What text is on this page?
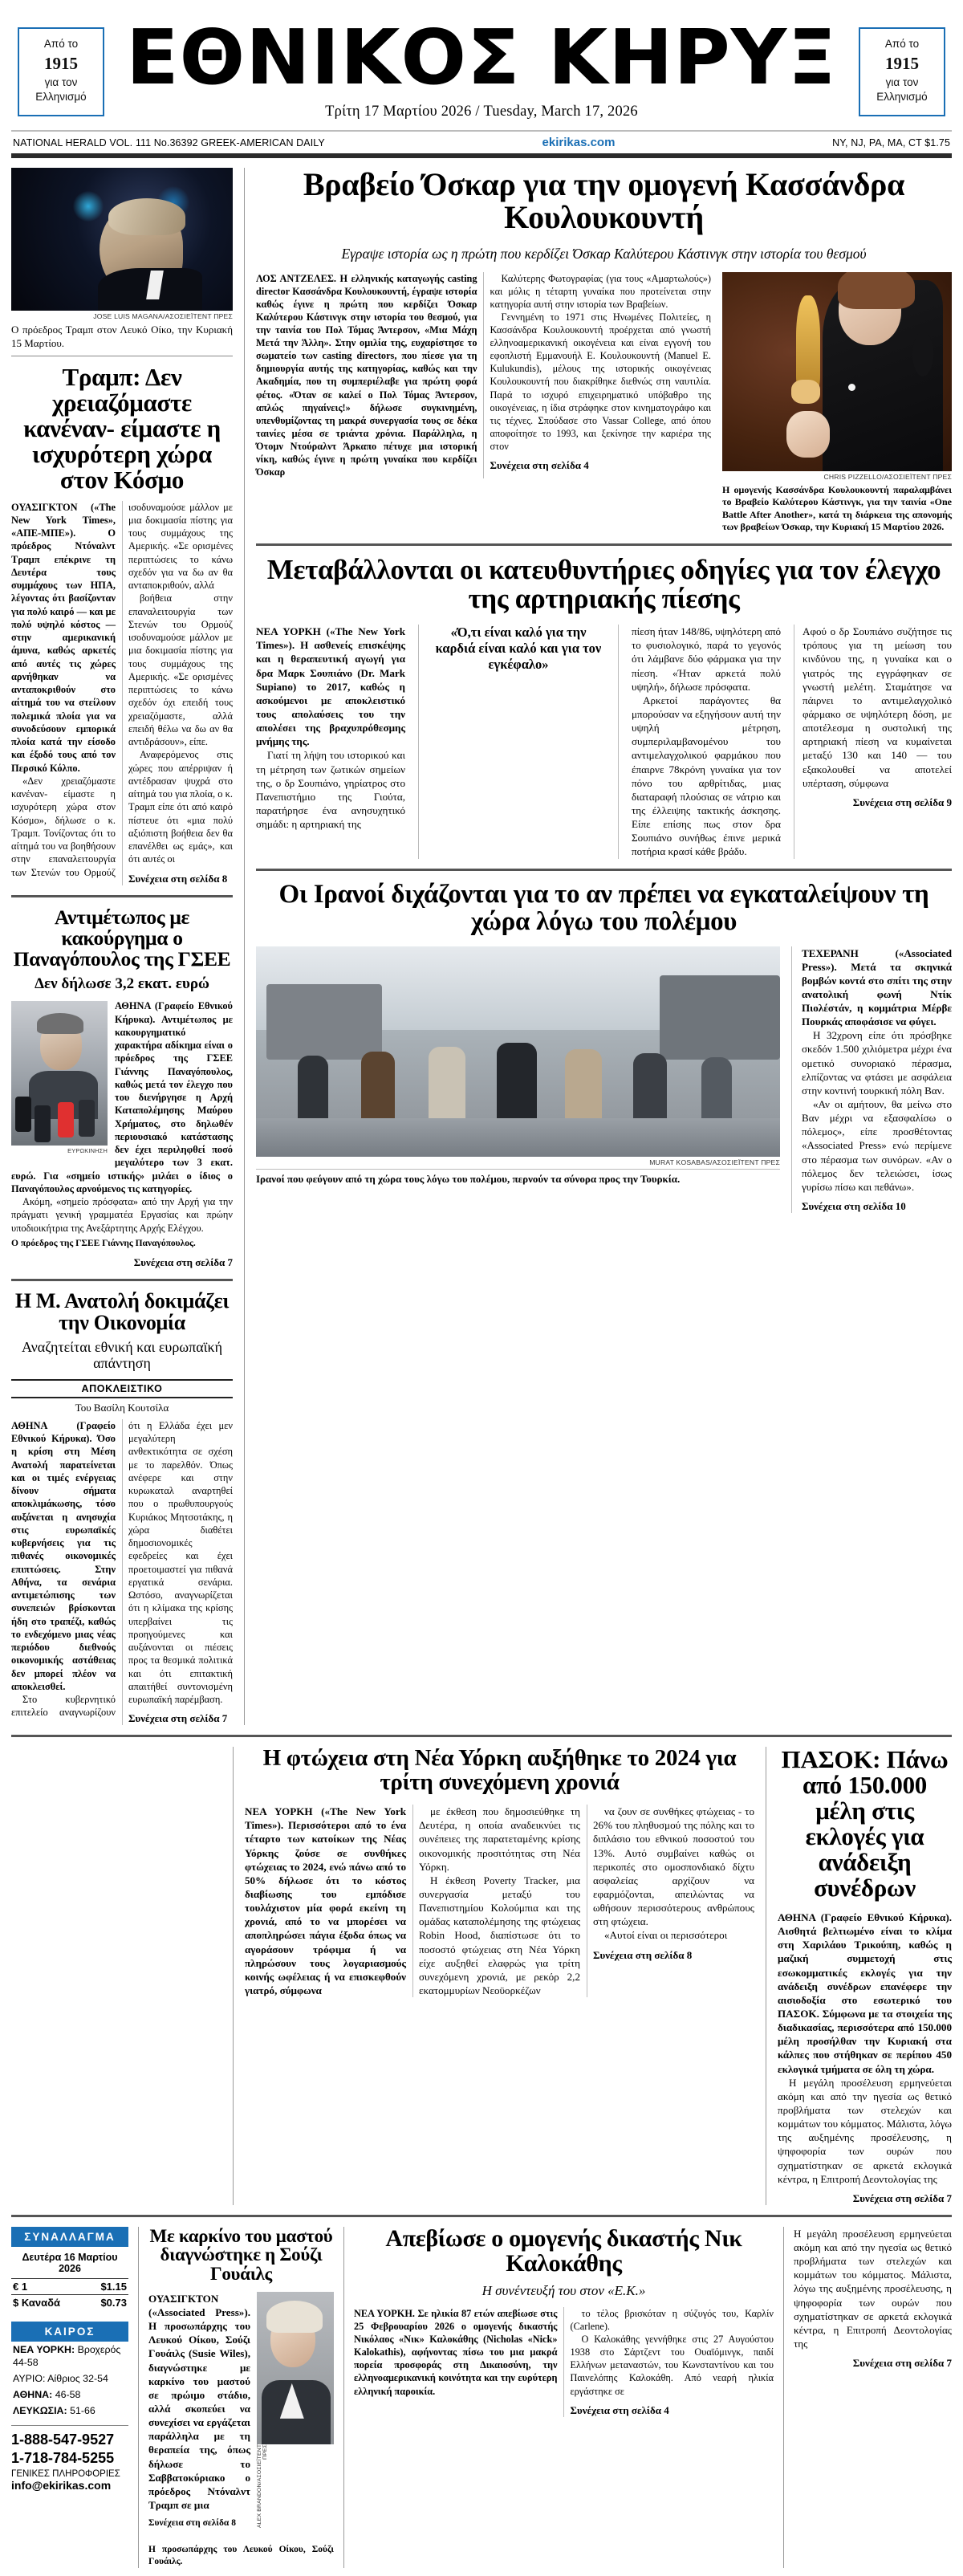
Από το
1915
για τον
Ελληνισμό ΕΘΝΙΚΟΣ ΚΗΡΥΞ
Τρίτη 17 Μαρτίου 2026 / Tuesday, March 17, 2026
Από το
1915
για τον
Ελληνισμό
NATIONAL HERALD VOL. 111 No.36392 GREEK-AMERICAN DAILY	ekirikas.com	NY, NJ, PA, MA, CT $1.75
JOSE LUIS MAGANA/ΑΣΟΣΙΕΪΤΕΝΤ ΠΡΕΣ
Ο πρόεδρος Τραμπ στον Λευκό Οίκο, την Κυριακή 15 Μαρτίου.
Τραμπ: Δεν χρειαζόμαστε κανέναν- είμαστε η ισχυρότερη χώρα στον Κόσμο

ΟΥΑΣΙΓΚΤΟΝ («The New York Times», «ΑΠΕ-ΜΠΕ»). Ο πρόεδρος Ντόναλντ Τραμπ επέκρινε τη Δευτέρα τους συμμάχους των ΗΠΑ, λέγοντας ότι βασίζονταν για πολύ καιρό — και με πολύ υψηλό κόστος — στην αμερικανική άμυνα, καθώς αρκετές από αυτές τις χώρες αρνήθηκαν να ανταποκριθούν στο αίτημά του να στείλουν πολεμικά πλοία για να συνοδεύσουν εμπορικά πλοία κατά την είσοδο και έξοδό τους από τον Περσικό Κόλπο.

«Δεν χρειαζόμαστε κανέναν- είμαστε η ισχυρότερη χώρα στον Κόσμο», δήλωσε ο κ. Τραμπ. Τονίζοντας ότι το αίτημά του να βοηθήσουν στην επαναλειτουργία των Στενών του Ορμούζ ισοδυναμούσε μάλλον με μια δοκιμασία πίστης για τους συμμάχους της Αμερικής. «Σε ορισμένες περιπτώσεις το κάνω σχεδόν για να δω αν θα ανταποκριθούν, αλλά

βοήθεια στην επαναλειτουργία των Στενών του Ορμούζ ισοδυναμούσε μάλλον με μια δοκιμασία πίστης για τους συμμάχους της Αμερικής. «Σε ορισμένες περιπτώσεις το κάνω σχεδόν όχι επειδή τους χρειαζόμαστε, αλλά επειδή θέλω να δω αν θα αντιδράσουν», είπε.

Αναφερόμενος στις χώρες που απέρριψαν ή αντέδρασαν ψυχρά στο αίτημά του για πλοία, ο κ. Τραμπ είπε ότι από καιρό πίστευε ότι «μια πολύ αξιόπιστη βοήθεια δεν θα επανέλθει ως εμάς», και ότι αυτές οι

Συνέχεια στη σελίδα 8
Αντιμέτωπος με κακούργημα ο Παναγόπουλος της ΓΣΕΕ
Δεν δήλωσε 3,2 εκατ. ευρώ
ΕΥΡΩΚΙΝΗΣΗ

ΑΘΗΝΑ (Γραφείο Εθνικού Κήρυκα). Αντιμέτωπος με κακουργηματικό χαρακτήρα αδίκημα είναι ο πρόεδρος της ΓΣΕΕ Γιάννης Παναγόπουλος, καθώς μετά τον έλεγχο που του διενήργησε η Αρχή Καταπολέμησης Μαύρου Χρήματος, στο δηλωθέν περιουσιακό κατάστασης δεν έχει περιληφθεί ποσό μεγαλύτερο των 3 εκατ. ευρώ. Για «σημείο ιστικής» μιλάει ο ίδιος ο Παναγόπουλος αρνούμενος τις κατηγορίες.

Ακόμη, «σημείο πρόσφατα» από την Αρχή για την πράγματι γενική γραμματέα Εργασίας και πρώην υποδιοικήτρια της Ανεξάρτητης Αρχής Ελέγχου.

Ο πρόεδρος της ΓΣΕΕ Γιάννης Παναγόπουλος.
Συνέχεια στη σελίδα 7
Η Μ. Ανατολή δοκιμάζει την Οικονομία
Αναζητείται εθνική και ευρωπαϊκή απάντηση
ΑΠΟΚΛΕΙΣΤΙΚΟ
Του Βασίλη Κουτσίλα

ΑΘΗΝΑ (Γραφείο Εθνικού Κήρυκα). Όσο η κρίση στη Μέση Ανατολή παρατείνεται και οι τιμές ενέργειας δίνουν σήματα αποκλιμάκωσης, τόσο αυξάνεται η ανησυχία στις ευρωπαϊκές κυβερνήσεις για τις πιθανές οικονομικές επιπτώσεις. Στην Αθήνα, τα σενάρια αντιμετώπισης των συνεπειών βρίσκονται ήδη στο τραπέζι, καθώς το ενδεχόμενο μιας νέας περιόδου διεθνούς οικονομικής αστάθειας δεν μπορεί πλέον να αποκλεισθεί.

Στο κυβερνητικό επιτελείο αναγνωρίζουν ότι η Ελλάδα έχει μεν μεγαλύτερη ανθεκτικότητα σε σχέση με το παρελθόν. Όπως ανέφερε και στην κυρωκαταλ αναρτηθεί που ο πρωθυπουργούς Κυριάκος Μητσοτάκης, η χώρα διαθέτει δημοσιονομικές εφεδρείες και έχει προετοιμαστεί για πιθανά εργατικά σενάρια. Ωστόσο, αναγνωρίζεται ότι η κλίμακα της κρίσης υπερβαίνει τις προηγούμενες και αυξάνονται οι πιέσεις προς τα θεσμικά πολιτικά και ότι επιτακτική απαιτήθεί συντονισμένη ευρωπαϊκή παρέμβαση.

Συνέχεια στη σελίδα 7
Βραβείο Όσκαρ για την ομογενή Κασσάνδρα Κουλουκουντή
Εγραψε ιστορία ως η πρώτη που κερδίζει Όσκαρ Καλύτερου Κάστινγκ στην ιστορία του θεσμού

ΛΟΣ ΑΝΤΖΕΛΕΣ. Η ελληνικής καταγωγής casting director Κασσάνδρα Κουλουκουντή, έγραψε ιστορία καθώς έγινε η πρώτη που κερδίζει Όσκαρ Καλύτερου Κάστινγκ στην ιστορία του θεσμού, για την ταινία του Πολ Τόμας Άντερσον, «Μια Μάχη Μετά την Άλλη». Στην ομιλία της, ευχαρίστησε το σωματείο των casting directors, που πίεσε για τη δημιουργία αυτής της κατηγορίας, καθώς και την Ακαδημία, που τη συμπεριέλαβε για πρώτη φορά φέτος. «Όταν σε καλεί ο Πολ Τόμας Άντερσον, απλώς πηγαίνεις!» δήλωσε συγκινημένη, υπενθυμίζοντας τη μακρά συνεργασία τους σε δέκα ταινίες μέσα σε τριάντα χρόνια. Παράλληλα, η Ότομν Ντούραλντ Άρκαπο πέτυχε μια ιστορική νίκη, καθώς έγινε η πρώτη γυναίκα που κερδίζει Όσκαρ

Καλύτερης Φωτογραφίας (για τους «Αμαρτωλούς») και μόλις η τέταρτη γυναίκα που προτείνεται στην κατηγορία αυτή στην ιστορία των Βραβείων.

Γεννημένη το 1971 στις Ηνωμένες Πολιτείες, η Κασσάνδρα Κουλουκουντή προέρχεται από γνωστή ελληνοαμερικανική οικογένεια και είναι εγγονή του εφοπλιστή Εμμανουήλ Ε. Κουλουκουντή (Manuel E. Kulukundis), μέλους της ιστορικής οικογένειας Κουλουκουντή που διακρίθηκε διεθνώς στη ναυτιλία. Παρά το ισχυρό επιχειρηματικό υπόβαθρο της οικογένειας, η ίδια στράφηκε στον κινηματογράφο και τις τέχνες. Σπούδασε στο Vassar College, από όπου αποφοίτησε το 1993, και ξεκίνησε την καριέρα της στον

Συνέχεια στη σελίδα 4
CHRIS PIZZELLO/ΑΣΟΣΙΕΪΤΕΝΤ ΠΡΕΣ
Η ομογενής Κασσάνδρα Κουλουκουντή παραλαμβάνει το Βραβείο Καλύτερου Κάστινγκ, για την ταινία «One Battle After Another», κατά τη διάρκεια της απονομής των βραβείων Όσκαρ, την Κυριακή 15 Μαρτίου 2026.
Μεταβάλλονται οι κατευθυντήριες οδηγίες για τον έλεγχο της αρτηριακής πίεσης

ΝΕΑ ΥΟΡΚΗ («The New York Times»). Η ασθενείς επισκέψης και η θεραπευτική αγωγή για δρα Μαρκ Σουπιάνο (Dr. Mark Supiano) το 2017, καθώς η ασκούμενοι με αποκλειστικό τους απολαύσεις του την απολέσει της βραχυπρόθεσμης μνήμης της.

Γιατί τη λήψη του ιστορικού και τη μέτρηση των ζωτικών σημείων της, ο δρ Σουπιάνο, γηρίατρος στο Πανεπιστήμιο της Γιούτα, παρατήρησε ένα ανησυχητικό σημάδι: η αρτηριακή της

«Ό,τι είναι καλό για την καρδιά είναι καλό και για τον εγκέφαλο»

πίεση ήταν 148/86, υψηλότερη από το φυσιολογικό, παρά το γεγονός ότι λάμβανε δύο φάρμακα για την πίεση. «Ήταν αρκετά πολύ υψηλή», δήλωσε πρόσφατα.

Αρκετοί παράγοντες θα μπορούσαν να εξηγήσουν αυτή την υψηλή μέτρηση, συμπεριλαμβανομένου του αντιμελαγχολικού φαρμάκου που έπαιρνε 78κρόνη γυναίκα για τον πόνο του αρθρίτιδας, μιας διαταραφή πλούσιας σε νάτριο και της έλλειψης τακτικής άσκησης. Είπε επίσης πως στον δρα Σουπιάνο συνήθως έπινε μερικά ποτήρια κρασί κάθε βράδυ.

Αφού ο δρ Σουπιάνο συζήτησε τις τρόπους για τη μείωση του κινδύνου της, η γυναίκα και ο γιατρός της εγγράφηκαν σε γνωστή μελέτη. Σταμάτησε να πάιρνει το αντιμελαγχολικό φάρμακο σε υψηλότερη δόση, με αποτέλεσμα η συστολική της αρτηριακή πίεση να κυμαίνεται μεταξύ 130 και 140 — του εξακολουθεί να αποτελεί υπέρταση, σύμφωνα

Συνέχεια στη σελίδα 9
Οι Ιρανοί διχάζονται για το αν πρέπει να εγκαταλείψουν τη χώρα λόγω του πολέμου
MURAT KOSABAS/ΑΣΟΣΙΕΪΤΕΝΤ ΠΡΕΣ
Ιρανοί που φεύγουν από τη χώρα τους λόγω του πολέμου, περνούν τα σύνορα προς την Τουρκία.

ΤΕΧΕΡΑΝΗ («Associated Press»). Μετά τα σκηνικά βομβών κοντά στο σπίτι της στην ανατολική φωνή Ντίκ Πιολέστάν, η κομμάτρια Μέρβε Πουρκάς αποφάσισε να φύγει.

Η 32χρονη είπε ότι πρόσβηκε σκεδόν 1.500 χιλιόμετρα μέχρι ένα ομετικό συνοριακό πέρασμα, ελπίζοντας να φτάσει με ασφάλεια στην κοντινή τουρκική πόλη Βαν.

«Αν οι αμήτουν, θα μείνω στο Βαν μέχρι να εξασφαλίσω ο πόλεμος», είπε προσθέτοντας «Associated Press» ενώ περίμενε στο πέρασμα των συνόρων. «Αν ο πόλεμος δεν τελειώσει, ίσως γυρίσω πίσω και πεθάνω».

Συνέχεια στη σελίδα 10

Η φτώχεια στη Νέα Υόρκη αυξήθηκε το 2024 για τρίτη συνεχόμενη χρονιά

ΝΕΑ ΥΟΡΚΗ («The New York Times»). Περισσότεροι από το ένα τέταρτο των κατοίκων της Νέας Υόρκης ζούσε σε συνθήκες φτώχειας το 2024, ενώ πάνω από το 50% δήλωσε ότι το κόστος διαβίωσης του εμπόδισε τουλάχιστον μία φορά εκείνη τη χρονιά, από το να μπορέσει να αποπληρώσει πάγια έξοδα όπως να αγοράσουν τρόφιμα ή να πληρώσουν τους λογαριασμούς κοινής ωφέλειας ή να επισκεφθούν γιατρό, σύμφωνα

με έκθεση που δημοσιεύθηκε τη Δευτέρα, η οποία αναδεικνύει τις συνέπειες της παρατεταμένης κρίσης οικονομικής προσιτότητας στη Νέα Υόρκη.

Η έκθεση Poverty Tracker, μια συνεργασία μεταξύ του Πανεπιστημίου Κολούμπια και της ομάδας καταπολέμησης της φτώχειας Robin Hood, διαπίστωσε ότι το ποσοστό φτώχειας στη Νέα Υόρκη είχε αυξηθεί ελαφρώς για τρίτη συνεχόμενη χρονιά, με ρεκόρ 2,2 εκατομμυρίων Νεοϋορκέζων

να ζουν σε συνθήκες φτώχειας - το 26% του πληθυσμού της πόλης και το διπλάσιο του εθνικού ποσοστού του 13%. Αυτό συμβαίνει καθώς οι περικοπές στο ομοσπονδιακό δίχτυ ασφαλείας αρχίζουν να εφαρμόζονται, απειλώντας να ωθήσουν περισσότερους ανθρώπους στη φτώχεια.

«Αυτοί είναι οι περισσότεροι

Συνέχεια στη σελίδα 8
ΠΑΣΟΚ: Πάνω από 150.000 μέλη στις εκλογές για ανάδειξη συνέδρων

ΑΘΗΝΑ (Γραφείο Εθνικού Κήρυκα). Αισθητά βελτιωμένο είναι το κλίμα στη Χαριλάου Τρικούπη, καθώς η μαζική συμμετοχή στις εσωκομματικές εκλογές για την ανάδειξη συνέδρων επανέφερε την αισιοδοξία στο εσωτερικό του ΠΑΣΟΚ. Σύμφωνα με τα στοιχεία της διαδικασίας, περισσότερα από 150.000 μέλη προσήλθαν την Κυριακή στα κάλπες που στήθηκαν σε περίπου 450 εκλογικά τμήματα σε όλη τη χώρα.

Η μεγάλη προσέλευση ερμηνεύεται ακόμη και από την ηγεσία ως θετικό προβλήματα των στελεχών και κομμάτων του κόμματος. Μάλιστα, λόγω της αυξημένης προσέλευσης, η ψηφοφορία των ουρών που σχηματίστηκαν σε αρκετά εκλογικά κέντρα, η Επιτροπή Δεοντολογίας της

Συνέχεια στη σελίδα 7
ΣΥΝΑΛΛΑΓΜΑ
Δευτέρα 16 Μαρτίου 2026
€ 1	$1.15
$ Καναδά	$0.73
ΚΑΙΡΟΣ
ΝΕΑ ΥΟΡΚΗ: Βροχερός 44-58
ΑΥΡΙΟ: Αίθριος 32-54
ΑΘΗΝΑ: 46-58
ΛΕΥΚΩΣΙΑ: 51-66
1-888-547-9527
1-718-784-5255
ΓΕΝΙΚΕΣ ΠΛΗΡΟΦΟΡΙΕΣ
info@ekirikas.com
Με καρκίνο του μαστού διαγνώστηκε η Σούζι Γουάιλς

ΟΥΑΣΙΓΚΤΟΝ («Associated Press»). Η προσωπάρχης του Λευκού Οίκου, Σούζι Γουάιλς (Susie Wiles), διαγνώστηκε με καρκίνο του μαστού σε πρώιμο στάδιο, αλλά σκοπεύει να συνεχίσει να εργάζεται παράλληλα με τη θεραπεία της, όπως δήλωσε το Σαββατοκύριακο ο πρόεδρος Ντόναλντ Τραμπ σε μια

Συνέχεια στη σελίδα 8	ALEX BRANDON/ΑΣΟΣΙΕΪΤΕΝΤ ΠΡΕΣ
Η προσωπάρχης του Λευκού Οίκου, Σούζι Γουάιλς.
Απεβίωσε ο ομογενής δικαστής Νικ Καλοκάθης
Η συνέντευξή του στον «Ε.Κ.»

ΝΕΑ ΥΟΡΚΗ. Σε ηλικία 87 ετών απεβίωσε στις 25 Φεβρουαρίου 2026 ο ομογενής δικαστής Νικόλαος «Νικ» Καλοκάθης (Nicholas «Nick» Kalokathis), αφήνοντας πίσω του μια μακρά πορεία προσφοράς στη Δικαιοσύνη, την ελληνοαμερικανική κοινότητα και την ευρύτερη ελληνική παροικία.

το τέλος βρισκόταν η σύζυγός του, Καρλίν (Carlene).

Ο Καλοκάθης γεννήθηκε στις 27 Αυγούστου 1938 στο Σάρτζεντ του Ουαϊόμινγκ, παιδί Ελλήνων μεταναστών, του Κωνσταντίνου και του Παινελόπης Καλοκάθη. Από νεαρή ηλικία εργάστηκε σε

Συνέχεια στη σελίδα 4

Η μεγάλη προσέλευση ερμηνεύεται ακόμη και από την ηγεσία ως θετικό προβλήματα των στελεχών και κομμάτων του κόμματος. Μάλιστα, λόγω της αυξημένης προσέλευσης, η ψηφοφορία των ουρών που σχηματίστηκαν σε αρκετά εκλογικά κέντρα, η Επιτροπή Δεοντολογίας της

Συνέχεια στη σελίδα 7
